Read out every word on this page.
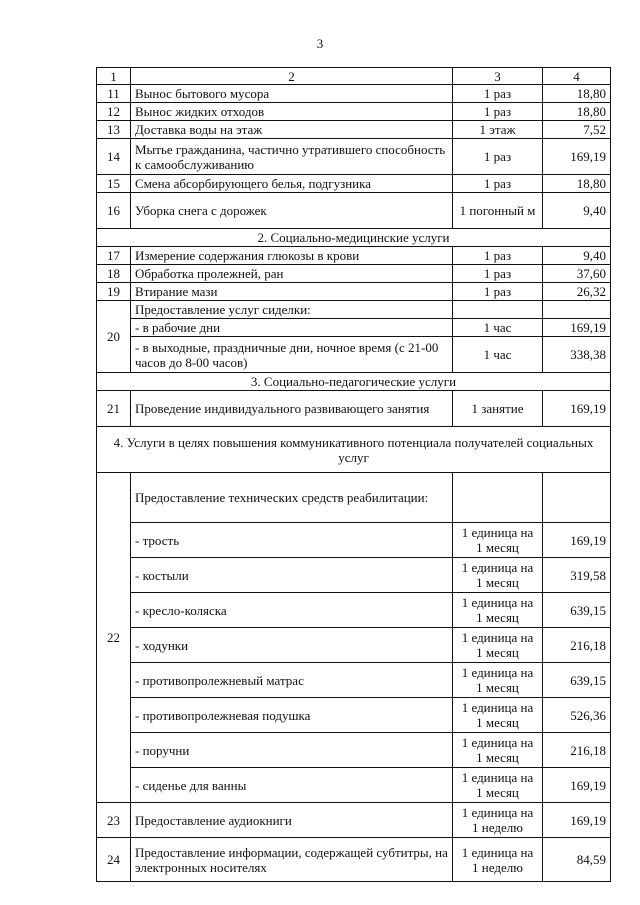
3
1	2	3	4
11	Вынос бытового мусора	1 раз	18,80
12	Вынос жидких отходов	1 раз	18,80
13	Доставка воды на этаж	1 этаж	7,52
14	Мытье гражданина, частично утратившего способность к самообслуживанию	1 раз	169,19
15	Смена абсорбирующего белья, подгузника	1 раз	18,80
16	Уборка снега с дорожек	1 погонный м	9,40
2. Социально-медицинские услуги			
17	Измерение содержания глюкозы в крови	1 раз	9,40
18	Обработка пролежней, ран	1 раз	37,60
19	Втирание мази	1 раз	26,32
20	Предоставление услуг сиделки:		
	- в рабочие дни	1 час	169,19
	- в выходные, праздничные дни, ночное время (с 21-00 часов до 8-00 часов)	1 час	338,38
3. Социально-педагогические услуги			
21	Проведение индивидуального развивающего занятия	1 занятие	169,19
4. Услуги в целях повышения коммуникативного потенциала получателей социальных услуг			
22	Предоставление технических средств реабилитации:		
	- трость	1 единица на 1 месяц	169,19
	- костыли	1 единица на 1 месяц	319,58
	- кресло-коляска	1 единица на 1 месяц	639,15
	- ходунки	1 единица на 1 месяц	216,18
	- противопролежневый матрас	1 единица на 1 месяц	639,15
	- противопролежневая подушка	1 единица на 1 месяц	526,36
	- поручни	1 единица на 1 месяц	216,18
	- сиденье для ванны	1 единица на 1 месяц	169,19
23	Предоставление аудиокниги	1 единица на 1 неделю	169,19
24	Предоставление информации, содержащей субтитры, на электронных носителях	1 единица на 1 неделю	84,59
